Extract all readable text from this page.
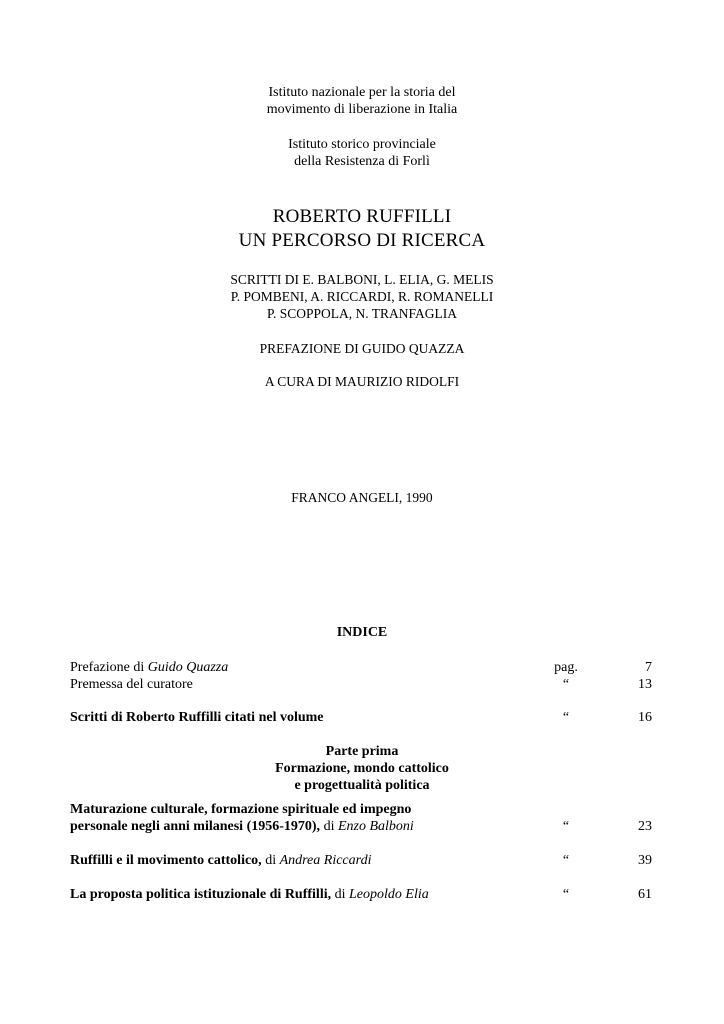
Istituto nazionale per la storia del

movimento di liberazione in Italia

Istituto storico provinciale

della Resistenza di Forlì

ROBERTO RUFFILLI

UN PERCORSO DI RICERCA

SCRITTI DI E. BALBONI, L. ELIA, G. MELIS

P. POMBENI, A. RICCARDI, R. ROMANELLI

P. SCOPPOLA, N. TRANFAGLIA

PREFAZIONE DI GUIDO QUAZZA

A CURA DI MAURIZIO RIDOLFI

FRANCO ANGELI, 1990

INDICE
Prefazione di Guido Quazza	pag.	7
Premessa del curatore	“	13
Scritti di Roberto Ruffilli citati nel volume	“	16

Parte prima

Formazione, mondo cattolico

e progettualità politica

Maturazione culturale, formazione spirituale ed impegno
personale negli anni milanesi (1956-1970), di Enzo Balboni	“	23
Ruffilli e il movimento cattolico, di Andrea Riccardi	“	39
La proposta politica istituzionale di Ruffilli, di Leopoldo Elia	“	61
